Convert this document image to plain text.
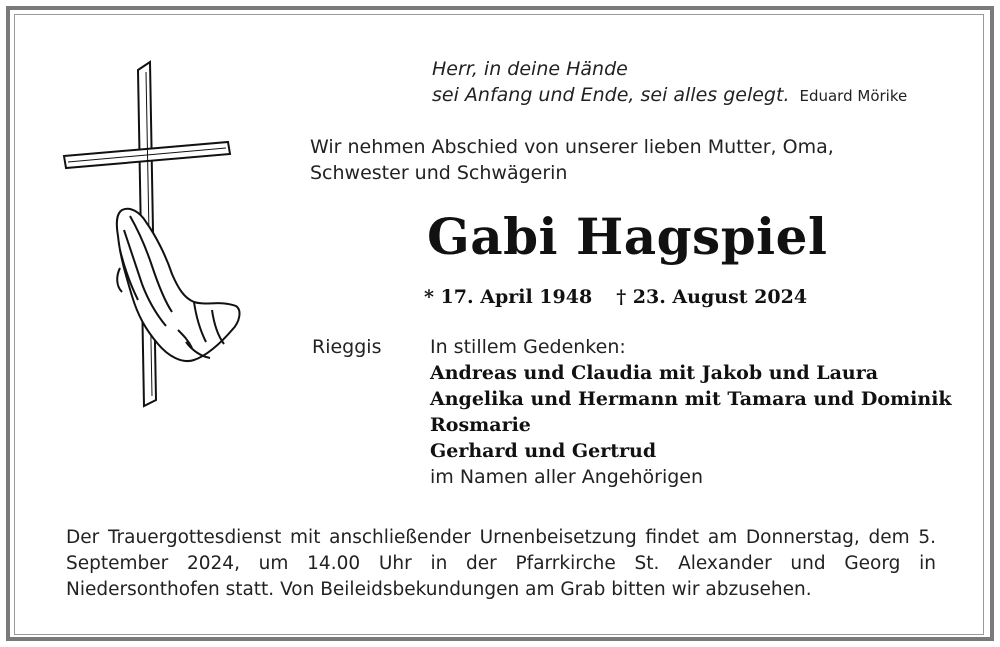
Herr, in deine Hände
sei Anfang und Ende, sei alles gelegt. Eduard Mörike
Wir nehmen Abschied von unserer lieben Mutter, Oma,
Schwester und Schwägerin
Gabi Hagspiel
* 17. April 1948 † 23. August 2024
Rieggis	In stillem Gedenken:
Andreas und Claudia mit Jakob und Laura
Angelika und Hermann mit Tamara und Dominik
Rosmarie
Gerhard und Gertrud
im Namen aller Angehörigen
Der Trauergottesdienst mit anschließender Urnenbeisetzung findet am Donnerstag, dem 5. September 2024, um 14.00 Uhr in der Pfarrkirche St. Alexander und Georg in Niedersonthofen statt. Von Beileidsbekundungen am Grab bitten wir abzusehen.
